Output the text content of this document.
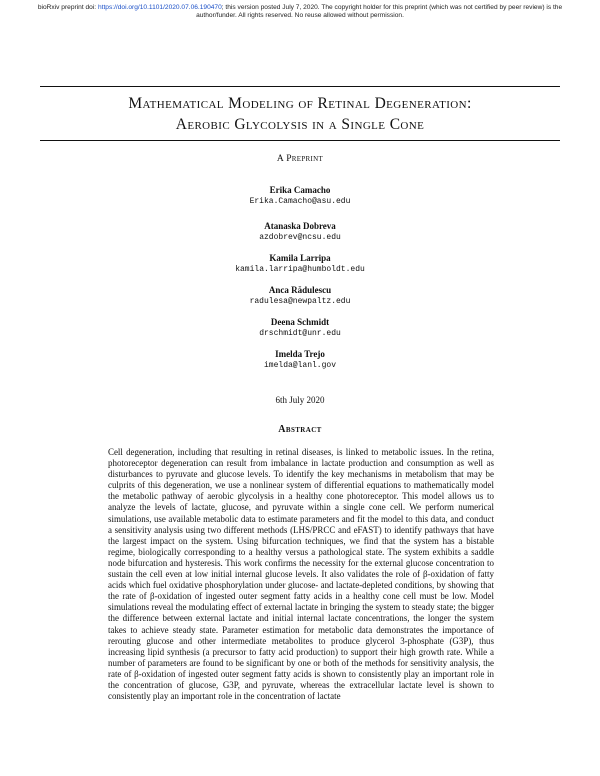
bioRxiv preprint doi: https://doi.org/10.1101/2020.07.06.190470; this version posted July 7, 2020. The copyright holder for this preprint (which was not certified by peer review) is the author/funder. All rights reserved. No reuse allowed without permission.
Mathematical Modeling of Retinal Degeneration:
Aerobic Glycolysis in a Single Cone
A Preprint
Erika Camacho
Erika.Camacho@asu.edu
Atanaska Dobreva
azdobrev@ncsu.edu
Kamila Larripa
kamila.larripa@humboldt.edu
Anca Rădulescu
radulesa@newpaltz.edu
Deena Schmidt
drschmidt@unr.edu
Imelda Trejo
imelda@lanl.gov
6th July 2020
Abstract

Cell degeneration, including that resulting in retinal diseases, is linked to metabolic issues. In the retina, photoreceptor degeneration can result from imbalance in lactate production and consumption as well as disturbances to pyruvate and glucose levels. To identify the key mechanisms in metabolism that may be culprits of this degeneration, we use a nonlinear system of differential equations to mathematically model the metabolic pathway of aerobic glycolysis in a healthy cone photoreceptor. This model allows us to analyze the levels of lactate, glucose, and pyruvate within a single cone cell. We perform numerical simulations, use available metabolic data to estimate parameters and fit the model to this data, and conduct a sensitivity analysis using two different methods (LHS/PRCC and eFAST) to identify pathways that have the largest impact on the system. Using bifurcation techniques, we find that the system has a bistable regime, biologically corresponding to a healthy versus a pathological state. The system exhibits a saddle node bifurcation and hysteresis. This work confirms the necessity for the external glucose concentration to sustain the cell even at low initial internal glucose levels. It also validates the role of β-oxidation of fatty acids which fuel oxidative phosphorylation under glucose- and lactate-depleted conditions, by showing that the rate of β-oxidation of ingested outer segment fatty acids in a healthy cone cell must be low. Model simulations reveal the modulating effect of external lactate in bringing the system to steady state; the bigger the difference between external lactate and initial internal lactate concentrations, the longer the system takes to achieve steady state. Parameter estimation for metabolic data demonstrates the importance of rerouting glucose and other intermediate metabolites to produce glycerol 3-phosphate (G3P), thus increasing lipid synthesis (a precursor to fatty acid production) to support their high growth rate. While a number of parameters are found to be significant by one or both of the methods for sensitivity analysis, the rate of β-oxidation of ingested outer segment fatty acids is shown to consistently play an important role in the concentration of glucose, G3P, and pyruvate, whereas the extracellular lactate level is shown to consistently play an important role in the concentration of lactate
